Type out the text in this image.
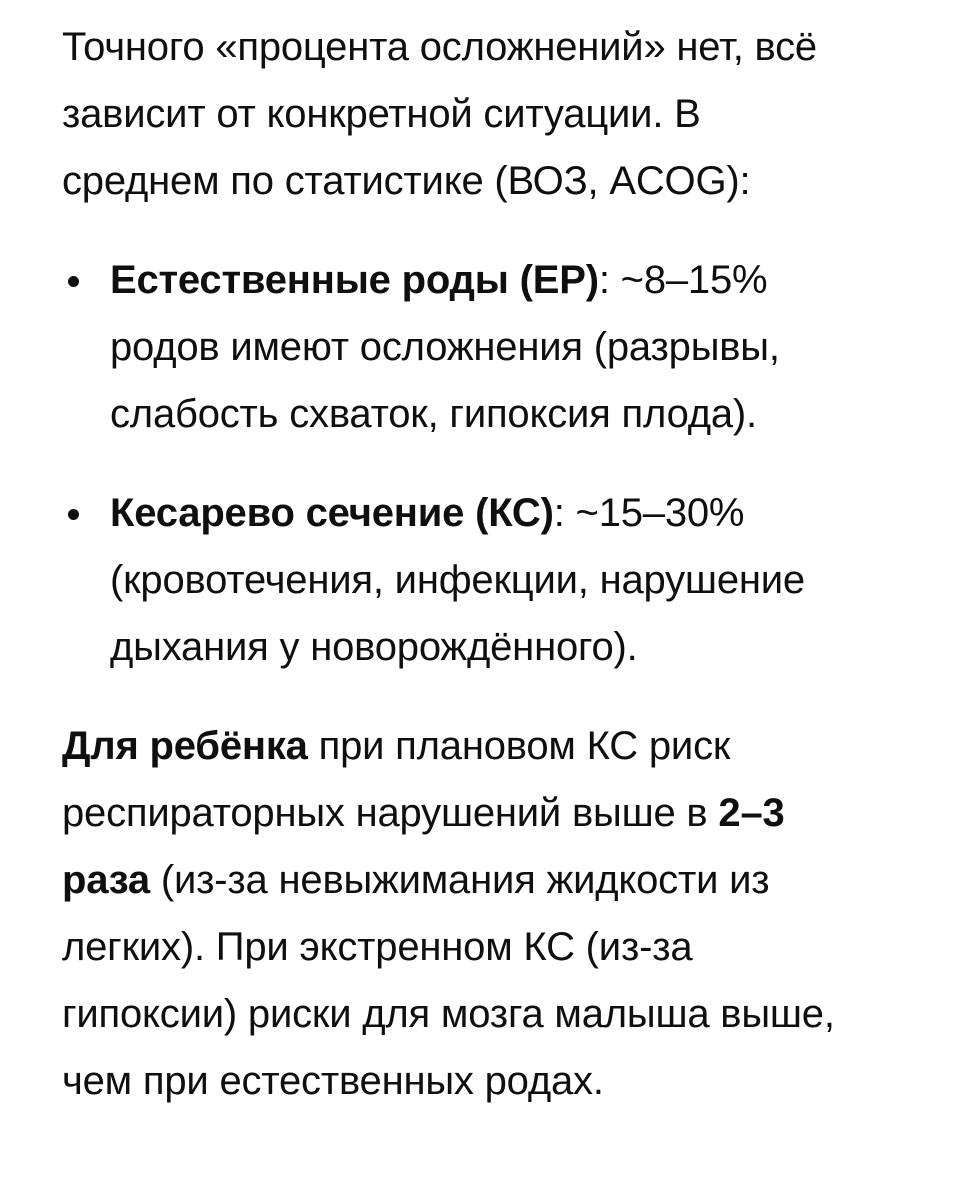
Точного «процента осложнений» нет, всё
зависит от конкретной ситуации. В
среднем по статистике (ВОЗ, ACOG):

Естественные роды (ЕР): ~8–15%
родов имеют осложнения (разрывы,
слабость схваток, гипоксия плода).
Кесарево сечение (КС): ~15–30%
(кровотечения, инфекции, нарушение
дыхания у новорождённого).

Для ребёнка при плановом КС риск
респираторных нарушений выше в 2–3
раза (из-за невыжимания жидкости из
легких). При экстренном КС (из-за
гипоксии) риски для мозга малыша выше,
чем при естественных родах.
